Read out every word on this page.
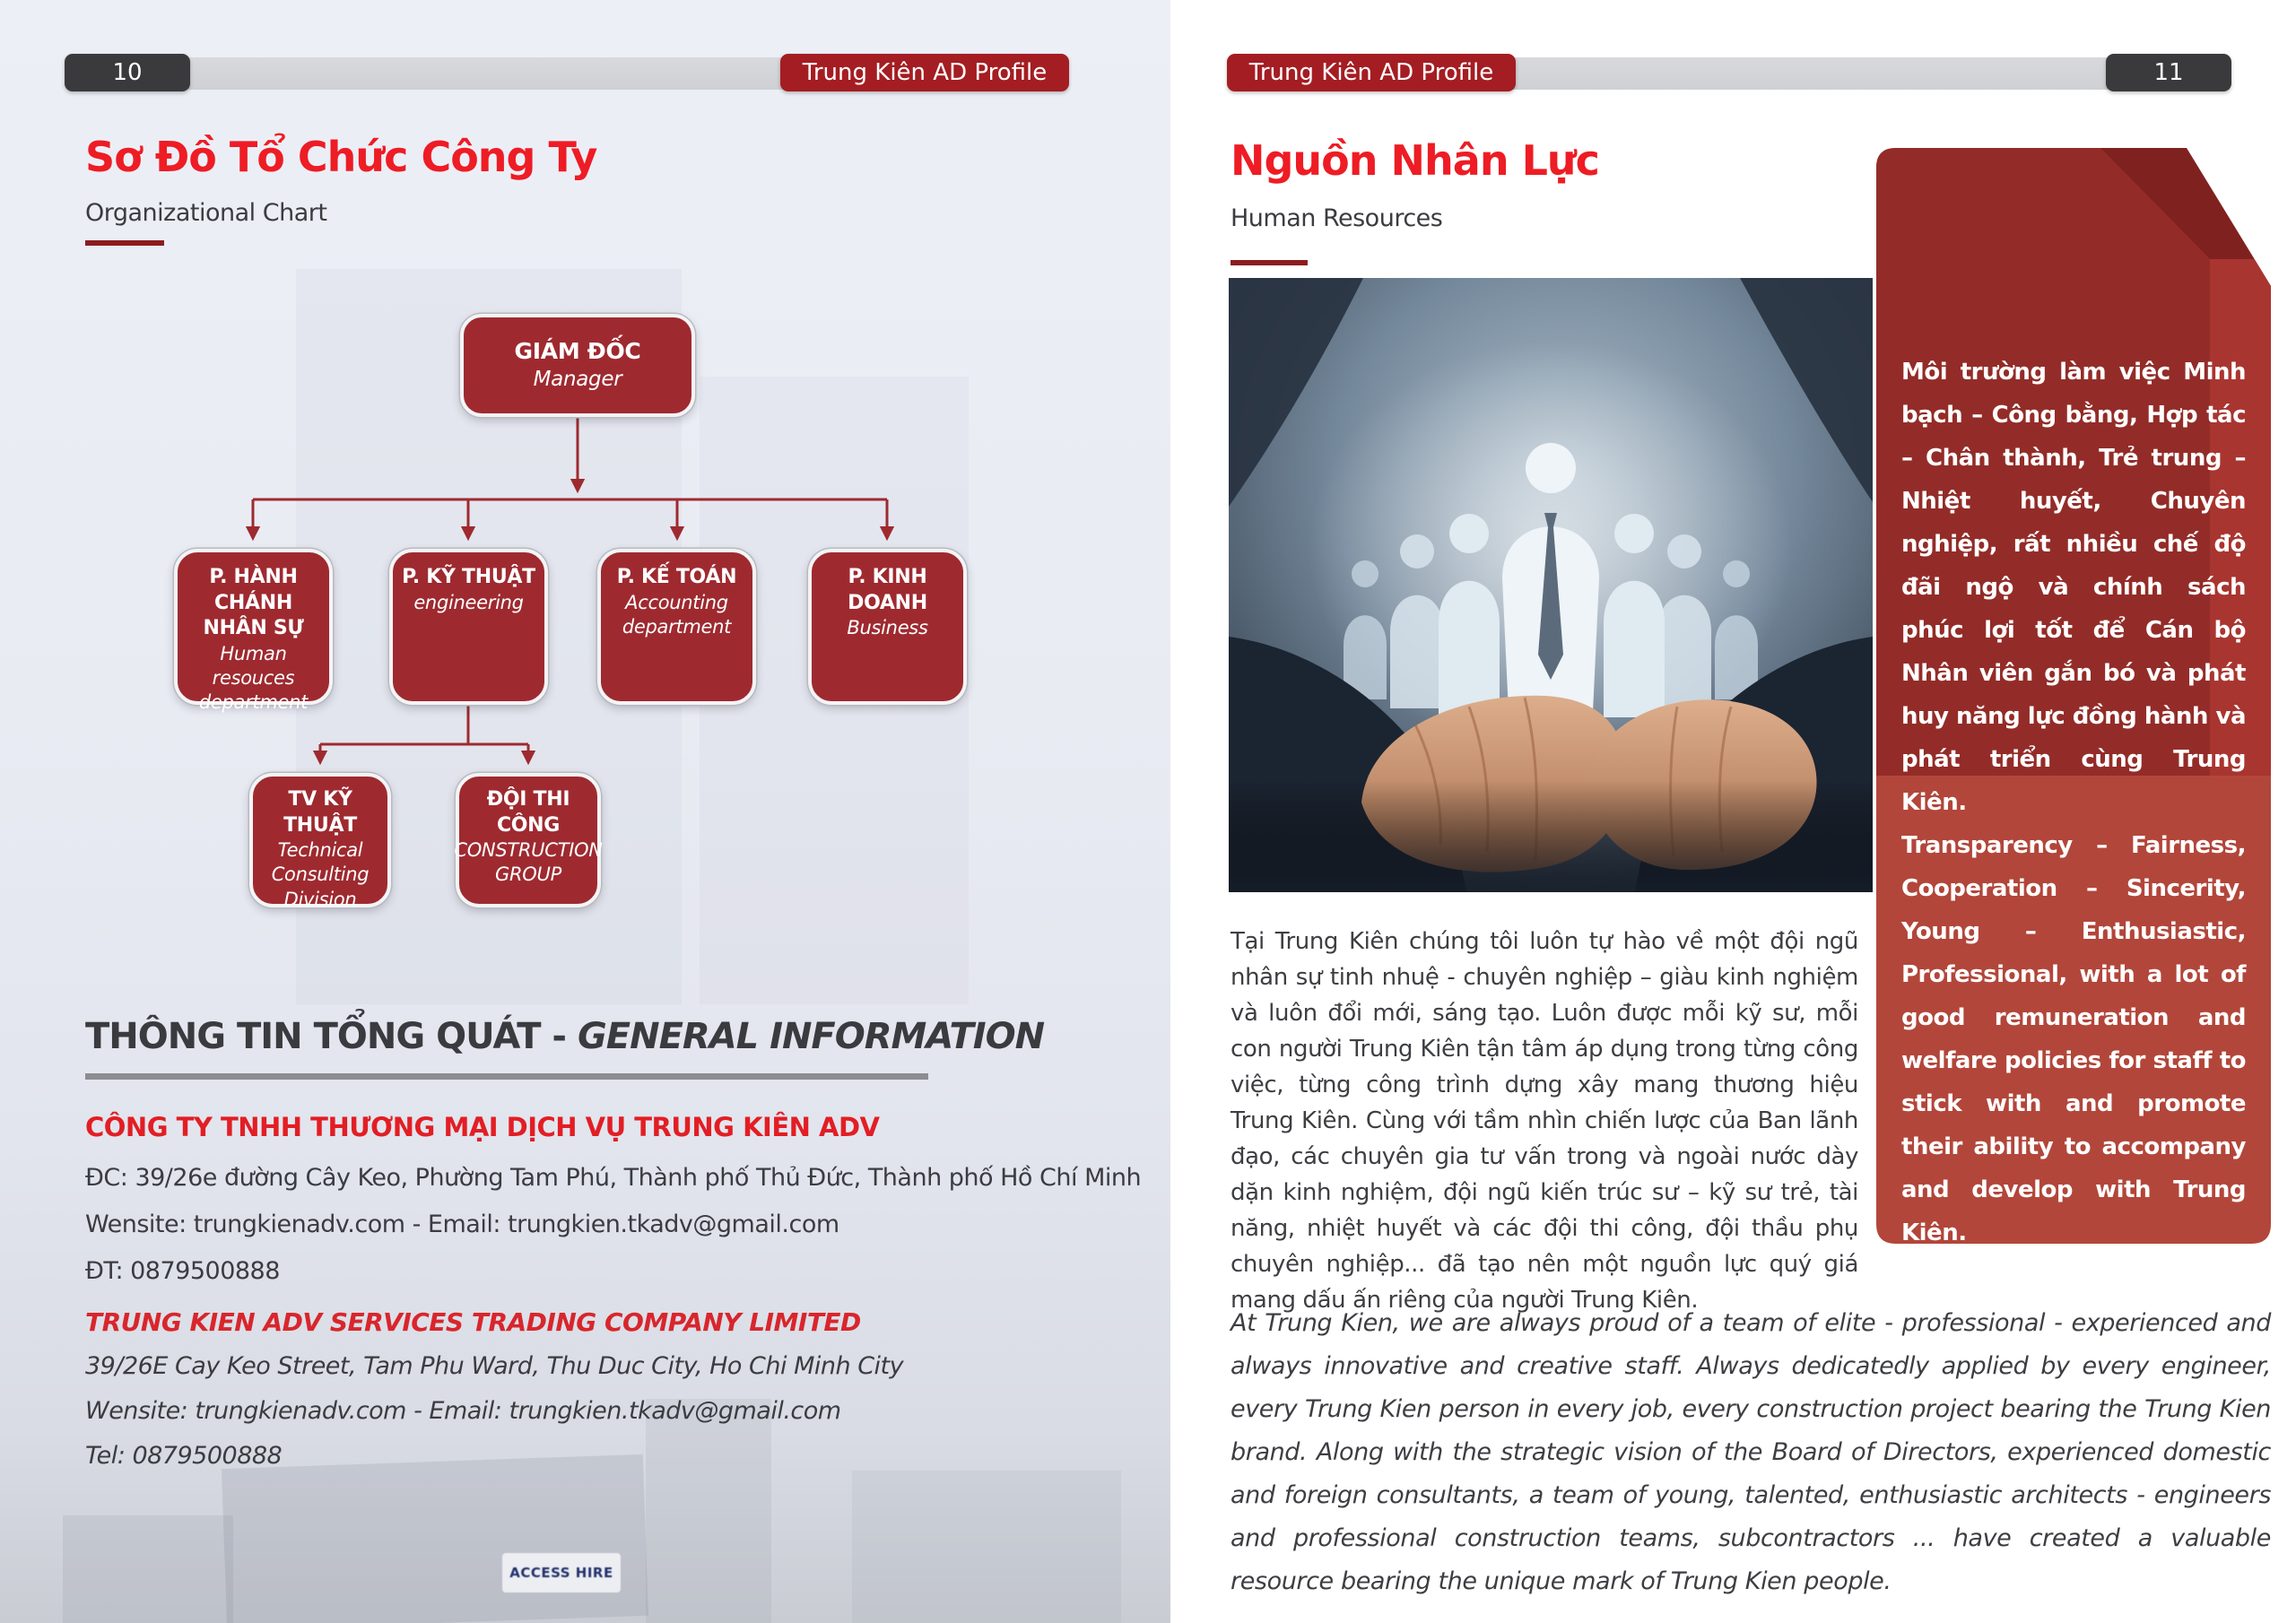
ACCESS HIRE
10	Trung Kiên AD Profile
Sơ Đồ Tổ Chức Công Ty
Organizational Chart
GIÁM ĐỐC
Manager
P. HÀNH CHÁNH NHÂN SỰ
Human resouces department
P. KỸ THUẬT
engineering
P. KẾ TOÁN
Accounting department
P. KINH DOANH
Business
TV KỸ THUẬT
Technical Consulting Division
ĐỘI THI CÔNG
CONSTRUCTION GROUP
THÔNG TIN TỔNG QUÁT - GENERAL INFORMATION
CÔNG TY TNHH THƯƠNG MẠI DỊCH VỤ TRUNG KIÊN ADV
ĐC: 39/26e đường Cây Keo, Phường Tam Phú, Thành phố Thủ Đức, Thành phố Hồ Chí Minh
Wensite: trungkienadv.com - Email: trungkien.tkadv@gmail.com
ĐT: 0879500888
TRUNG KIEN ADV SERVICES TRADING COMPANY LIMITED
39/26E Cay Keo Street, Tam Phu Ward, Thu Duc City, Ho Chi Minh City
Wensite: trungkienadv.com - Email: trungkien.tkadv@gmail.com
Tel: 0879500888
Trung Kiên AD Profile	11
Nguồn Nhân Lực
Human Resources

Môi trường làm việc Minh bạch – Công bằng, Hợp tác – Chân thành, Trẻ trung – Nhiệt huyết, Chuyên nghiệp, rất nhiều chế độ đãi ngộ và chính sách phúc lợi tốt để Cán bộ Nhân viên gắn bó và phát huy năng lực đồng hành và phát triển cùng Trung Kiên.

Transparency – Fairness, Cooperation – Sincerity, Young – Enthusiastic, Professional, with a lot of good remuneration and welfare policies for staff to stick with and promote their ability to accompany and develop with Trung Kiên.

Tại Trung Kiên chúng tôi luôn tự hào về một đội ngũ nhân sự tinh nhuệ - chuyên nghiệp – giàu kinh nghiệm và luôn đổi mới, sáng tạo. Luôn được mỗi kỹ sư, mỗi con người Trung Kiên tận tâm áp dụng trong từng công việc, từng công trình dựng xây mang thương hiệu Trung Kiên. Cùng với tầm nhìn chiến lược của Ban lãnh đạo, các chuyên gia tư vấn trong và ngoài nước dày dặn kinh nghiệm, đội ngũ kiến trúc sư – kỹ sư trẻ, tài năng, nhiệt huyết và các đội thi công, đội thầu phụ chuyên nghiệp... đã tạo nên một nguồn lực quý giá mang dấu ấn riêng của người Trung Kiên.
At Trung Kien, we are always proud of a team of elite - professional - experienced and always innovative and creative staff. Always dedicatedly applied by every engineer, every Trung Kien person in every job, every construction project bearing the Trung Kien brand. Along with the strategic vision of the Board of Directors, experienced domestic and foreign consultants, a team of young, talented, enthusiastic architects - engineers and professional construction teams, subcontractors ... have created a valuable resource bearing the unique mark of Trung Kien people.
